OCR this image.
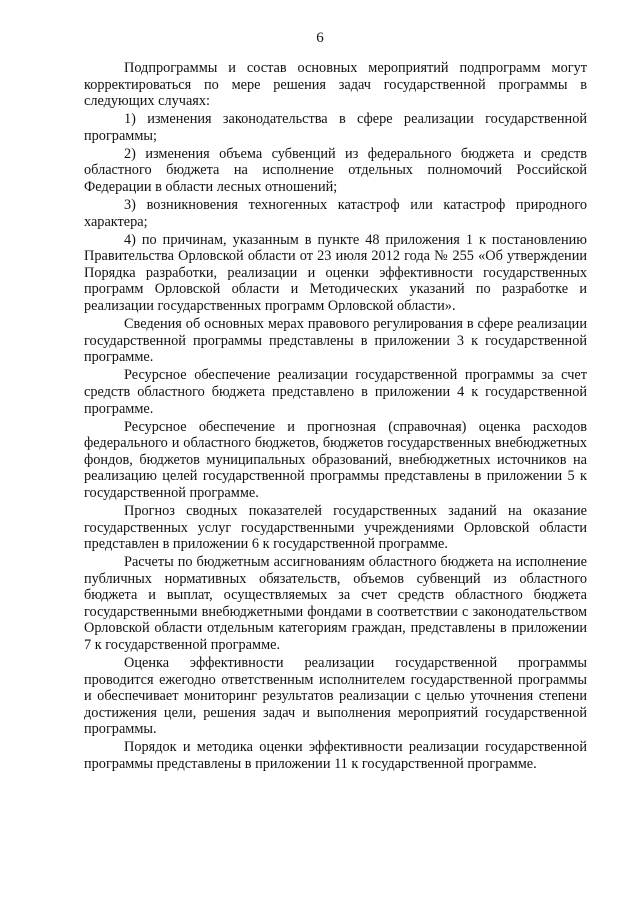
6

Подпрограммы и состав основных мероприятий подпрограмм могут корректироваться по мере решения задач государственной программы в следующих случаях:

1) изменения законодательства в сфере реализации государственной программы;

2) изменения объема субвенций из федерального бюджета и средств областного бюджета на исполнение отдельных полномочий Российской Федерации в области лесных отношений;

3) возникновения техногенных катастроф или катастроф природного характера;

4) по причинам, указанным в пункте 48 приложения 1 к постановлению Правительства Орловской области от 23 июля 2012 года № 255 «Об утверждении Порядка разработки, реализации и оценки эффективности государственных программ Орловской области и Методических указаний по разработке и реализации государственных программ Орловской области».

Сведения об основных мерах правового регулирования в сфере реализации государственной программы представлены в приложении 3 к государственной программе.

Ресурсное обеспечение реализации государственной программы за счет средств областного бюджета представлено в приложении 4 к государственной программе.

Ресурсное обеспечение и прогнозная (справочная) оценка расходов федерального и областного бюджетов, бюджетов государственных внебюджетных фондов, бюджетов муниципальных образований, внебюджетных источников на реализацию целей государственной программы представлены в приложении 5 к государственной программе.

Прогноз сводных показателей государственных заданий на оказание государственных услуг государственными учреждениями Орловской области представлен в приложении 6 к государственной программе.

Расчеты по бюджетным ассигнованиям областного бюджета на исполнение публичных нормативных обязательств, объемов субвенций из областного бюджета и выплат, осуществляемых за счет средств областного бюджета государственными внебюджетными фондами в соответствии с законодательством Орловской области отдельным категориям граждан, представлены в приложении 7 к государственной программе.

Оценка эффективности реализации государственной программы проводится ежегодно ответственным исполнителем государственной программы и обеспечивает мониторинг результатов реализации с целью уточнения степени достижения цели, решения задач и выполнения мероприятий государственной программы.

Порядок и методика оценки эффективности реализации государственной программы представлены в приложении 11 к государственной программе.
